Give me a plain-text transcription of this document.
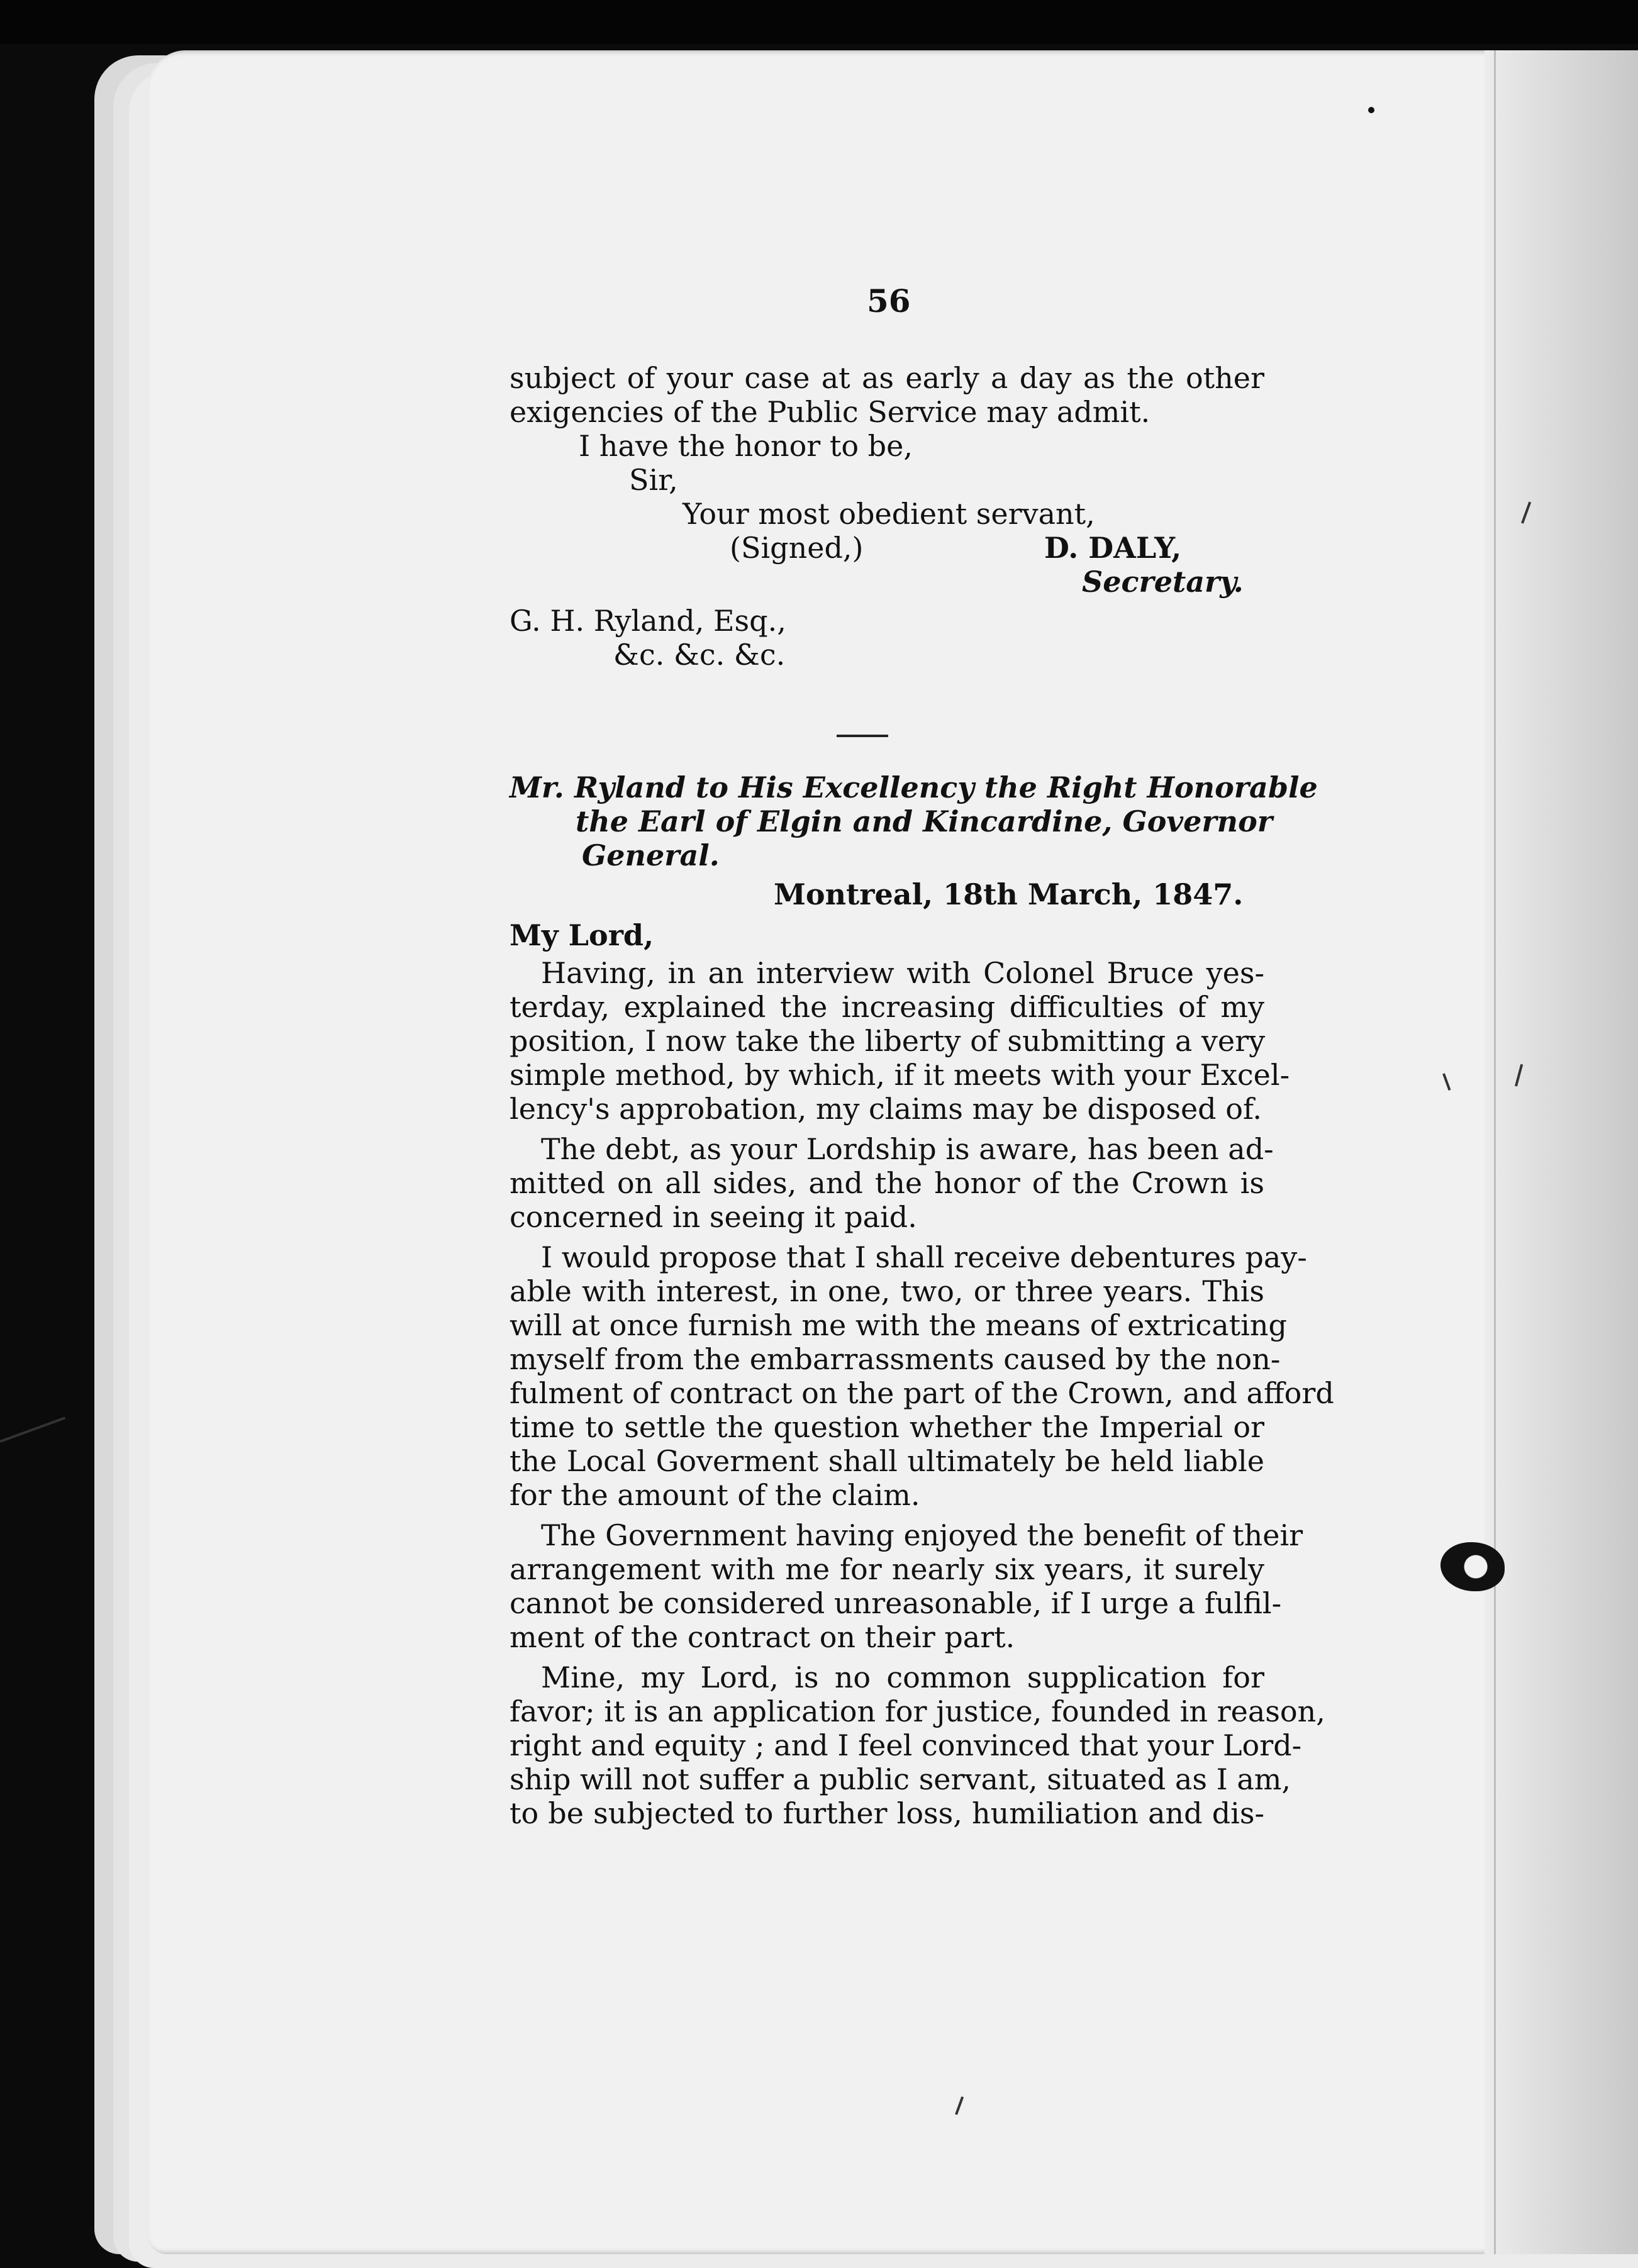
56
subject of your case at as early a day as the other
exigencies of the Public Service may admit.
I have the honor to be,
Sir,
Your most obedient servant,
(Signed,)	D. DALY,
Secretary.
G. H. Ryland, Esq.,
&c. &c. &c.
Mr. Ryland to His Excellency the Right Honorable
the Earl of Elgin and Kincardine, Governor
General.
Montreal, 18th March, 1847.
My Lord,
Having, in an interview with Colonel Bruce yes-
terday, explained the increasing difficulties of my
position, I now take the liberty of submitting a very
simple method, by which, if it meets with your Excel-
lency's approbation, my claims may be disposed of.
The debt, as your Lordship is aware, has been ad-
mitted on all sides, and the honor of the Crown is
concerned in seeing it paid.
I would propose that I shall receive debentures pay-
able with interest, in one, two, or three years. This
will at once furnish me with the means of extricating
myself from the embarrassments caused by the non-
fulment of contract on the part of the Crown, and afford
time to settle the question whether the Imperial or
the Local Goverment shall ultimately be held liable
for the amount of the claim.
The Government having enjoyed the benefit of their
arrangement with me for nearly six years, it surely
cannot be considered unreasonable, if I urge a fulfil-
ment of the contract on their part.
Mine, my Lord, is no common supplication for
favor; it is an application for justice, founded in reason,
right and equity ; and I feel convinced that your Lord-
ship will not suffer a public servant, situated as I am,
to be subjected to further loss, humiliation and dis-
